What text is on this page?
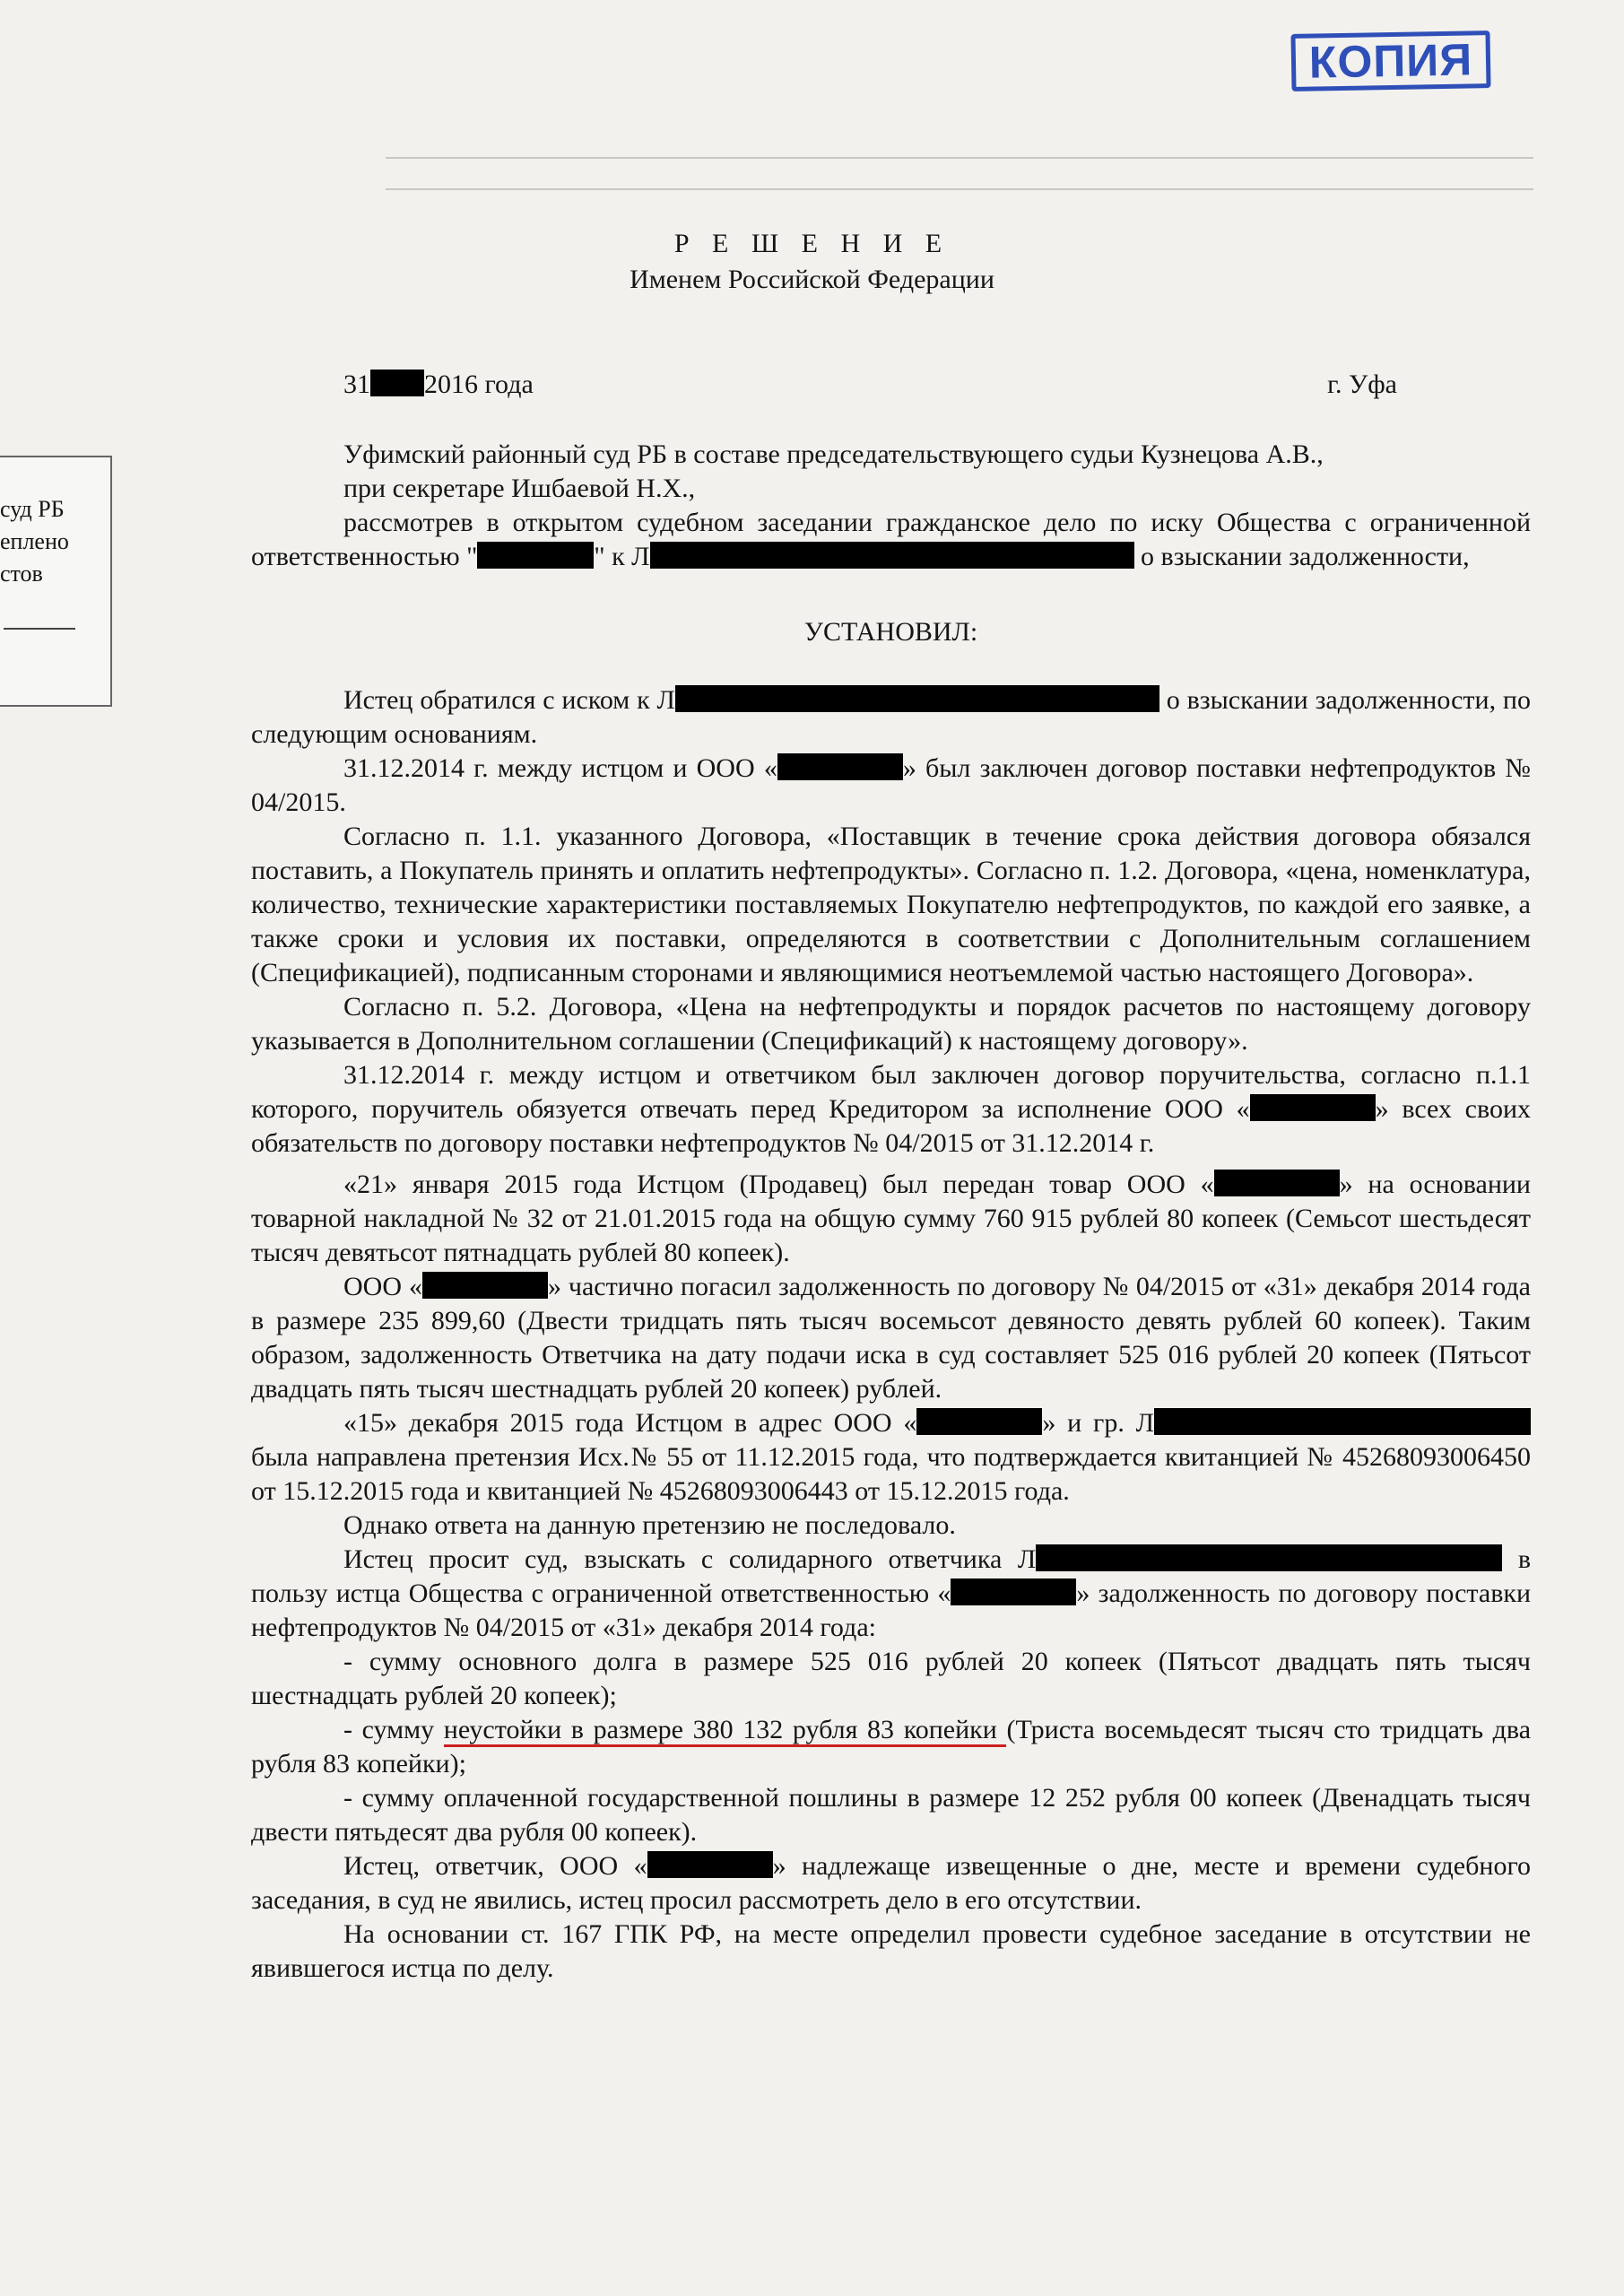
КОПИЯ
суд РБ
еплено
стов
Р Е Ш Е Н И Е
Именем Российской Федерации
31 2016 года	г. Уфа

Уфимский районный суд РБ в составе председательствующего судьи Кузнецова А.В.,

при секретаре Ишбаевой Н.Х.,

рассмотрев в открытом судебном заседании гражданское дело по иску Общества с ограниченной ответственностью "	" к Л	о взыскании задолженности,

УСТАНОВИЛ:

Истец обратился с иском к Л	о взыскании задолженности, по следующим основаниям.

31.12.2014 г. между истцом и ООО «	» был заключен договор поставки нефтепродуктов № 04/2015.

Согласно п. 1.1. указанного Договора, «Поставщик в течение срока действия договора обязался поставить, а Покупатель принять и оплатить нефтепродукты». Согласно п. 1.2. Договора, «цена, номенклатура, количество, технические характеристики поставляемых Покупателю нефтепродуктов, по каждой его заявке, а также сроки и условия их поставки, определяются в соответствии с Дополнительным соглашением (Спецификацией), подписанным сторонами и являющимися неотъемлемой частью настоящего Договора».

Согласно п. 5.2. Договора, «Цена на нефтепродукты и порядок расчетов по настоящему договору указывается в Дополнительном соглашении (Спецификаций) к настоящему договору».

31.12.2014 г. между истцом и ответчиком был заключен договор поручительства, согласно п.1.1 которого, поручитель обязуется отвечать перед Кредитором за исполнение ООО «	» всех своих обязательств по договору поставки нефтепродуктов № 04/2015 от 31.12.2014 г.

«21» января 2015 года Истцом (Продавец) был передан товар ООО «	» на основании товарной накладной № 32 от 21.01.2015 года на общую сумму 760 915 рублей 80 копеек (Семьсот шестьдесят тысяч девятьсот пятнадцать рублей 80 копеек).

ООО «	» частично погасил задолженность по договору № 04/2015 от «31» декабря 2014 года в размере 235 899,60 (Двести тридцать пять тысяч восемьсот девяносто девять рублей 60 копеек). Таким образом, задолженность Ответчика на дату подачи иска в суд составляет 525 016 рублей 20 копеек (Пятьсот двадцать пять тысяч шестнадцать рублей 20 копеек) рублей.

«15» декабря 2015 года Истцом в адрес ООО «	» и гр. Л была направлена претензия Исх.№ 55 от 11.12.2015 года, что подтверждается квитанцией № 45268093006450 от 15.12.2015 года и квитанцией № 45268093006443 от 15.12.2015 года.

Однако ответа на данную претензию не последовало.

Истец просит суд, взыскать с солидарного ответчика Л	в пользу истца Общества с ограниченной ответственностью «	» задолженность по договору поставки нефтепродуктов № 04/2015 от «31» декабря 2014 года:

- сумму основного долга в размере 525 016 рублей 20 копеек (Пятьсот двадцать пять тысяч шестнадцать рублей 20 копеек);

- сумму неустойки в размере 380 132 рубля 83 копейки (Триста восемьдесят тысяч сто тридцать два рубля 83 копейки);

- сумму оплаченной государственной пошлины в размере 12 252 рубля 00 копеек (Двенадцать тысяч двести пятьдесят два рубля 00 копеек).

Истец, ответчик, ООО «	» надлежаще извещенные о дне, месте и времени судебного заседания, в суд не явились, истец просил рассмотреть дело в его отсутствии.

На основании ст. 167 ГПК РФ, на месте определил провести судебное заседание в отсутствии не явившегося истца по делу.
